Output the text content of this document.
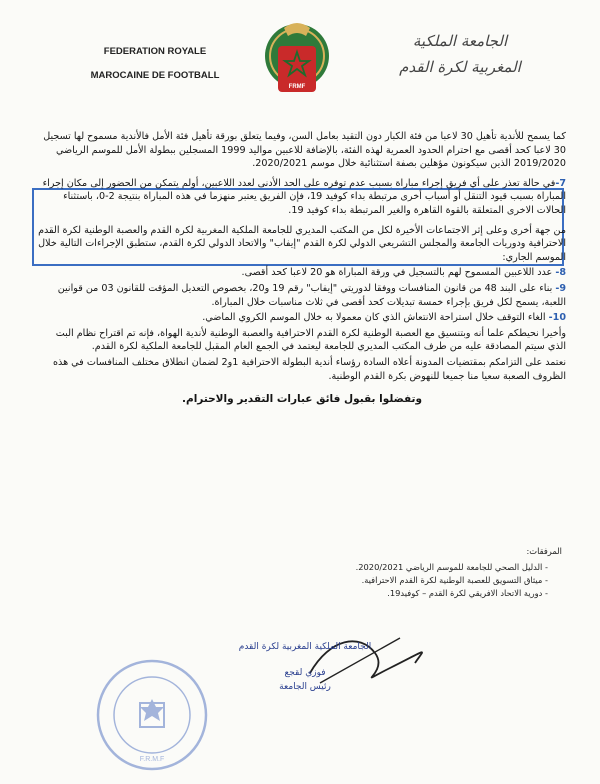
FEDERATION ROYALE
MAROCAINE DE FOOTBALL
FRMF
الجامعة الملكية
المغربية لكرة القدم

كما يسمح للأندية تأهيل 30 لاعبا من فئة الكبار دون التقيد بعامل السن، وفيما يتعلق بورقة تأهيل فئة الأمل فالأندية مسموح لها تسجيل 30 لاعبا كحد أقصى مع احترام الحدود العمرية لهذه الفئة، بالإضافة للاعبين مواليد 1999 المسجلين ببطولة الأمل للموسم الرياضي 2019/2020 الذين سيكونون مؤهلين بصفة استثنائية خلال موسم 2020/2021.

7-في حالة تعذر على أي فريق إجراء مباراة بسبب عدم توفره على الحد الأدنى لعدد اللاعبين، أولم يتمكن من الحضور إلى مكان إجراء المباراة بسبب قيود التنقل أو أسباب أخرى مرتبطة بداء كوفيد 19، فإن الفريق يعتبر منهزما في هذه المباراة بنتيجة 2-0، باستثناء الحالات الاخرى المتعلقة بالقوة القاهرة والغير المرتبطة بداء كوفيد 19.

من جهة أخرى وعلى إثر الاجتماعات الأخيرة لكل من المكتب المديري للجامعة الملكية المغربية لكرة القدم والعصبة الوطنية لكرة القدم الاحترافية ودوريات الجامعة والمجلس التشريعي الدولي لكرة القدم "إيفاب" والاتحاد الدولي لكرة القدم، ستطبق الإجراءات التالية خلال الموسم الجاري:

8- عدد اللاعبين المسموح لهم بالتسجيل في ورقة المباراة هو 20 لاعبا كحد أقصى.

9- بناء على البند 48 من قانون المنافسات ووفقا لدوريتي "إيفاب" رقم 19 و20، بخصوص التعديل المؤقت للقانون 03 من قوانين اللعبة، يسمح لكل فريق بإجراء خمسة تبديلات كحد أقصى في ثلاث مناسبات خلال المباراة.

10- الغاء التوقف خلال استراحة الانتعاش الذي كان معمولا به خلال الموسم الكروي الماضي.

وأخيرا نحيطكم علما أنه وبتنسيق مع العصبة الوطنية لكرة القدم الاحترافية والعصبة الوطنية لأندية الهواة، فإنه تم اقتراح نظام البت الذي سيتم المصادقة عليه من طرف المكتب المديري للجامعة ليعتمد في الجمع العام المقبل للجامعة الملكية لكرة القدم.

نعتمد على التزامكم بمقتضيات المدونة أعلاه السادة رؤساء أندية البطولة الاحترافية 1و2 لضمان انطلاق مختلف المنافسات في هذه الظروف الصعبة سعيا منا جميعا للنهوض بكرة القدم الوطنية.

وتفضلوا بقبول فائق عبارات التقدير والاحترام.

المرفقات:
- الدليل الصحي للجامعة للموسم الرياضي 2020/2021.
- ميثاق التسويق للعصبة الوطنية لكرة القدم الاحترافية.
- دورية الاتحاد الافريقي لكرة القدم – كوفيد19.
الجامعة الملكية المغربية لكرة القدم
فوزي لقجع
رئيس الجامعة
F.R.M.F
